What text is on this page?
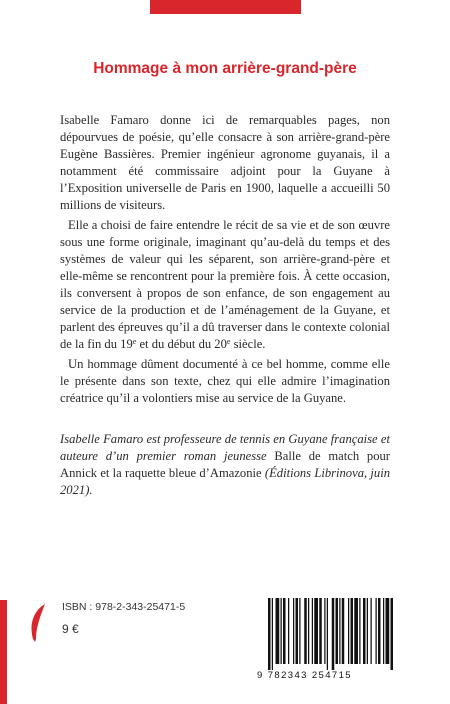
Hommage à mon arrière-grand-père

Isabelle Famaro donne ici de remarquables pages, non dépourvues de poésie, qu’elle consacre à son arrière-grand-père Eugène Bassières. Premier ingénieur agronome guyanais, il a notamment été commissaire adjoint pour la Guyane à l’Exposition universelle de Paris en 1900, laquelle a accueilli 50 millions de visiteurs.

Elle a choisi de faire entendre le récit de sa vie et de son œuvre sous une forme originale, imaginant qu’au-delà du temps et des systèmes de valeur qui les séparent, son arrière-grand-père et elle-même se rencontrent pour la première fois. À cette occasion, ils conversent à propos de son enfance, de son engagement au service de la production et de l’aménagement de la Guyane, et parlent des épreuves qu’il a dû traverser dans le contexte colonial de la fin du 19e et du début du 20e siècle.

Un hommage dûment documenté à ce bel homme, comme elle le présente dans son texte, chez qui elle admire l’imagination créatrice qu’il a volontiers mise au service de la Guyane.

Isabelle Famaro est professeure de tennis en Guyane française et auteure d’un premier roman jeunesse Balle de match pour Annick et la raquette bleue d’Amazonie (Éditions Librinova, juin 2021).
ISBN : 978-2-343-25471-5
9 €
9 782343 254715
